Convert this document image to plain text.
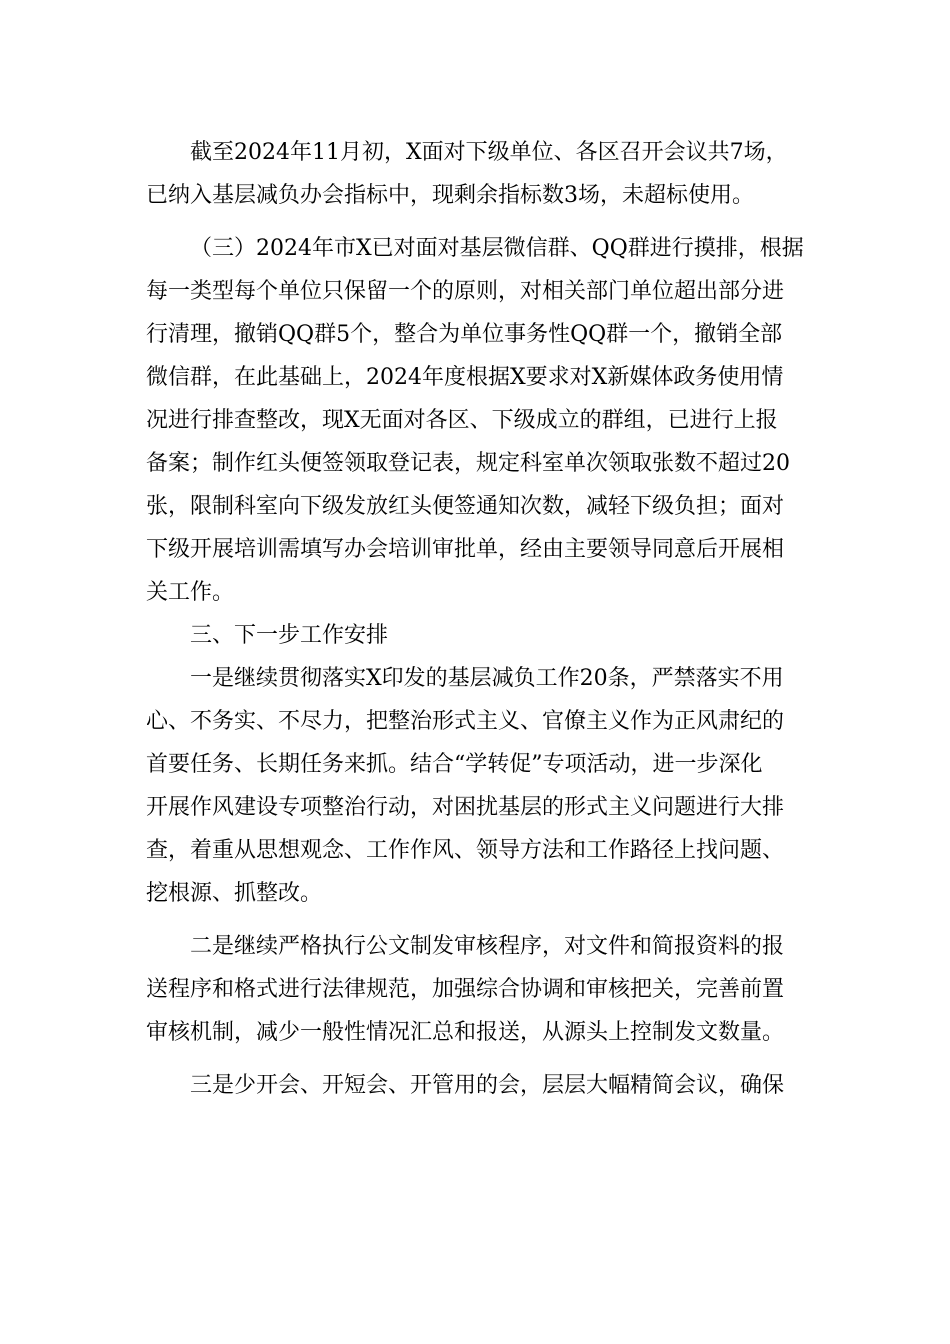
截至2024年11月初，X面对下级单位、各区召开会议共7场，
已纳入基层减负办会指标中，现剩余指标数3场，未超标使用。
（三）2024年市X已对面对基层微信群、QQ群进行摸排，根据
每一类型每个单位只保留一个的原则，对相关部门单位超出部分进
行清理，撤销QQ群5个，整合为单位事务性QQ群一个，撤销全部
微信群，在此基础上，2024年度根据X要求对X新媒体政务使用情
况进行排查整改，现X无面对各区、下级成立的群组，已进行上报
备案；制作红头便签领取登记表，规定科室单次领取张数不超过20
张，限制科室向下级发放红头便签通知次数，减轻下级负担；面对
下级开展培训需填写办会培训审批单，经由主要领导同意后开展相
关工作。
三、下一步工作安排
一是继续贯彻落实X印发的基层减负工作20条，严禁落实不用
心、不务实、不尽力，把整治形式主义、官僚主义作为正风肃纪的
首要任务、长期任务来抓。结合“学转促”专项活动，进一步深化
开展作风建设专项整治行动，对困扰基层的形式主义问题进行大排
查，着重从思想观念、工作作风、领导方法和工作路径上找问题、
挖根源、抓整改。
二是继续严格执行公文制发审核程序，对文件和简报资料的报
送程序和格式进行法律规范，加强综合协调和审核把关，完善前置
审核机制，减少一般性情况汇总和报送，从源头上控制发文数量。
三是少开会、开短会、开管用的会，层层大幅精简会议，确保
